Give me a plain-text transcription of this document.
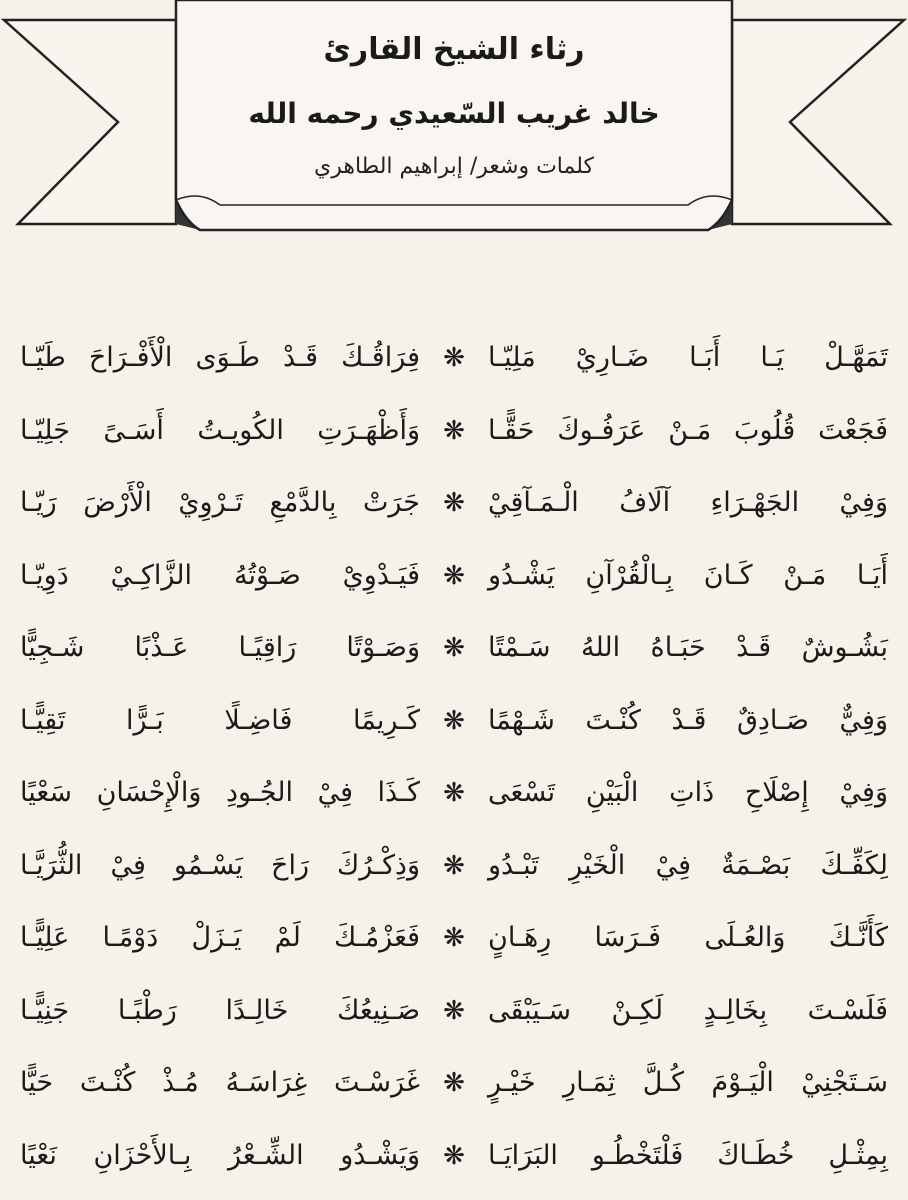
رثاء الشيخ القارئ
خالد غريب السّعيدي رحمه الله
كلمات وشعر/ إبراهيم الطاهري
تَمَهَّـلْ يَـا أَبَـا ضَـارِيْ مَلِيّـا
❋
فِرَاقُـكَ قَـدْ طَـوَى الْأَفْـرَاحَ طَيّـا
فَجَعْتَ قُلُوبَ مَـنْ عَرَفُـوكَ حَقًّـا
❋
وَأَظْهَـرَتِ الكُويـتُ أَسَـىً جَلِيّـا
وَفِيْ الجَهْـرَاءِ آلَافُ الْـمَـآقِيْ
❋
جَرَتْ بِالدَّمْعِ تَـرْوِيْ الْأَرْضَ رَيّـا
أَيَـا مَـنْ كَـانَ بِـالْقُرْآنِ يَشْـدُو
❋
فَيَـدْوِيْ صَـوْتُهُ الزَّاكِـيْ دَوِيّـا
بَشُـوشٌ قَـدْ حَبَـاهُ اللهُ سَـمْتًا
❋
وَصَـوْتًا رَاقِيًـا عَـذْبًا شَـجِيًّا
وَفِيٌّ صَـادِقٌ قَـدْ كُنْـتَ شَـهْمًا
❋
كَـرِيمًا فَاضِـلًا بَـرًّا تَقِيًّـا
وَفِيْ إِصْلَاحِ ذَاتِ الْبَيْنِ تَسْعَى
❋
كَـذَا فِيْ الجُـودِ وَالْإِحْسَانِ سَعْيًا
لِكَفِّـكَ بَصْـمَةٌ فِيْ الْخَيْرِ تَبْـدُو
❋
وَذِكْـرُكَ رَاحَ يَسْـمُو فِيْ الثُّرَيَّـا
كَأَنَّـكَ وَالعُـلَى فَـرَسَا رِهَـانٍ
❋
فَعَزْمُـكَ لَمْ يَـزَلْ دَوْمًـا عَلِيًّـا
فَلَسْـتَ بِخَالِـدٍ لَكِـنْ سَـيَبْقَى
❋
صَـنِيعُكَ خَالِـدًا رَطْبًـا جَنِيًّـا
سَـتَجْنِيْ الْيَـوْمَ كُـلَّ ثِمَـارِ خَيْـرٍ
❋
غَرَسْـتَ غِرَاسَـهُ مُـذْ كُنْـتَ حَيًّا
بِمِثْـلِ خُطَـاكَ فَلْتَخْطُـو البَرَايَـا
❋
وَيَشْـدُو الشِّـعْرُ بِـالأَحْزَانِ نَعْيًا
